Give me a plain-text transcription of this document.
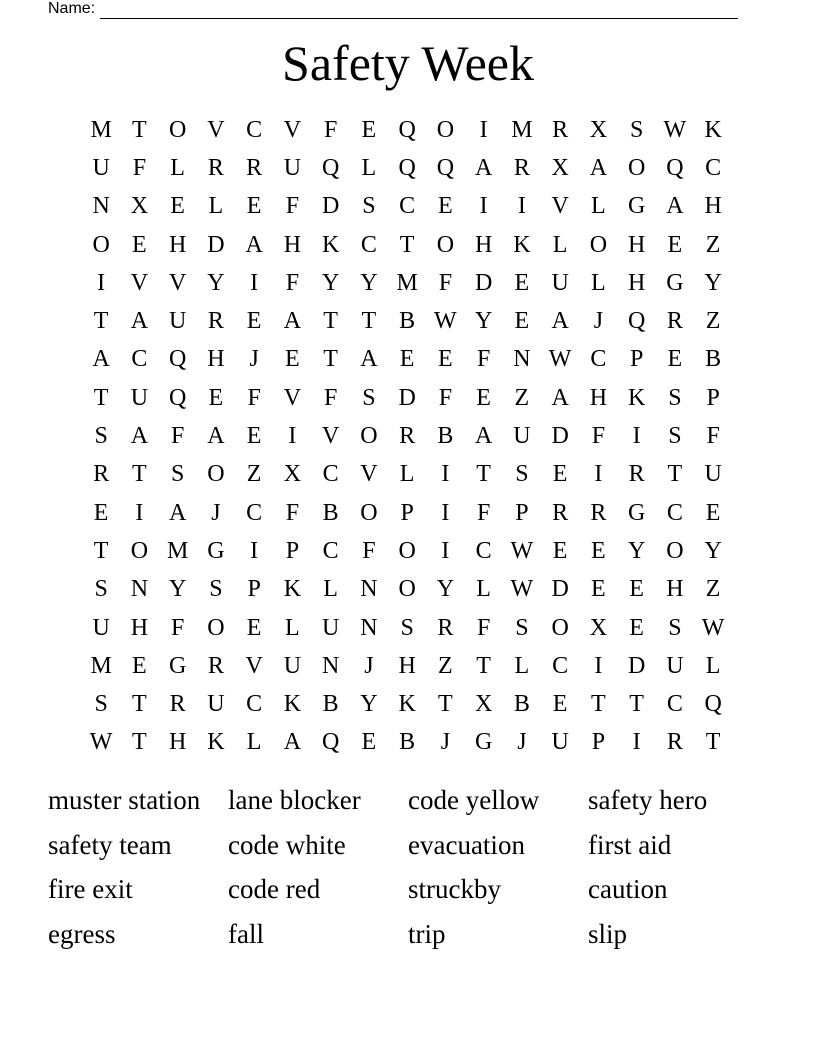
Name:
Safety Week
M T O V C V F	E Q O	I M R X S W K
U F	L R R U Q L Q Q A R X A O Q C
N X E L E	F D S C E	I	I	V L G A H
O E H D A H K C T O H K L O H E Z
I	V V Y	I	F Y Y M F D E U L H G Y
T A U R E A T T B W Y E A	J	Q R Z
A C Q H	J	E T A E E	F N W C P	E B
T U Q E	F V F	S D F	E Z A H K S	P
S A F A E	I	V O R B A U D F	I	S	F
R T	S O Z X C V L	I	T	S	E	I	R T U
E	I	A	J	C F B O P	I	F	P R R G C E
T O M G	I	P C F O	I	C W E E Y O Y
S N Y S	P K L N O Y L W D E E H Z
U H F O E L U N S R F	S O X E	S W
M E G R V U N	J	H Z T L C	I	D U L
S	T R U C K B Y K T X B E T T C Q
W T H K L A Q E B	J	G	J	U P	I	R T
muster station	lane blocker	code yellow	safety hero
safety team	code white	evacuation	first aid
fire exit	code red	struckby	caution
egress	fall	trip	slip
